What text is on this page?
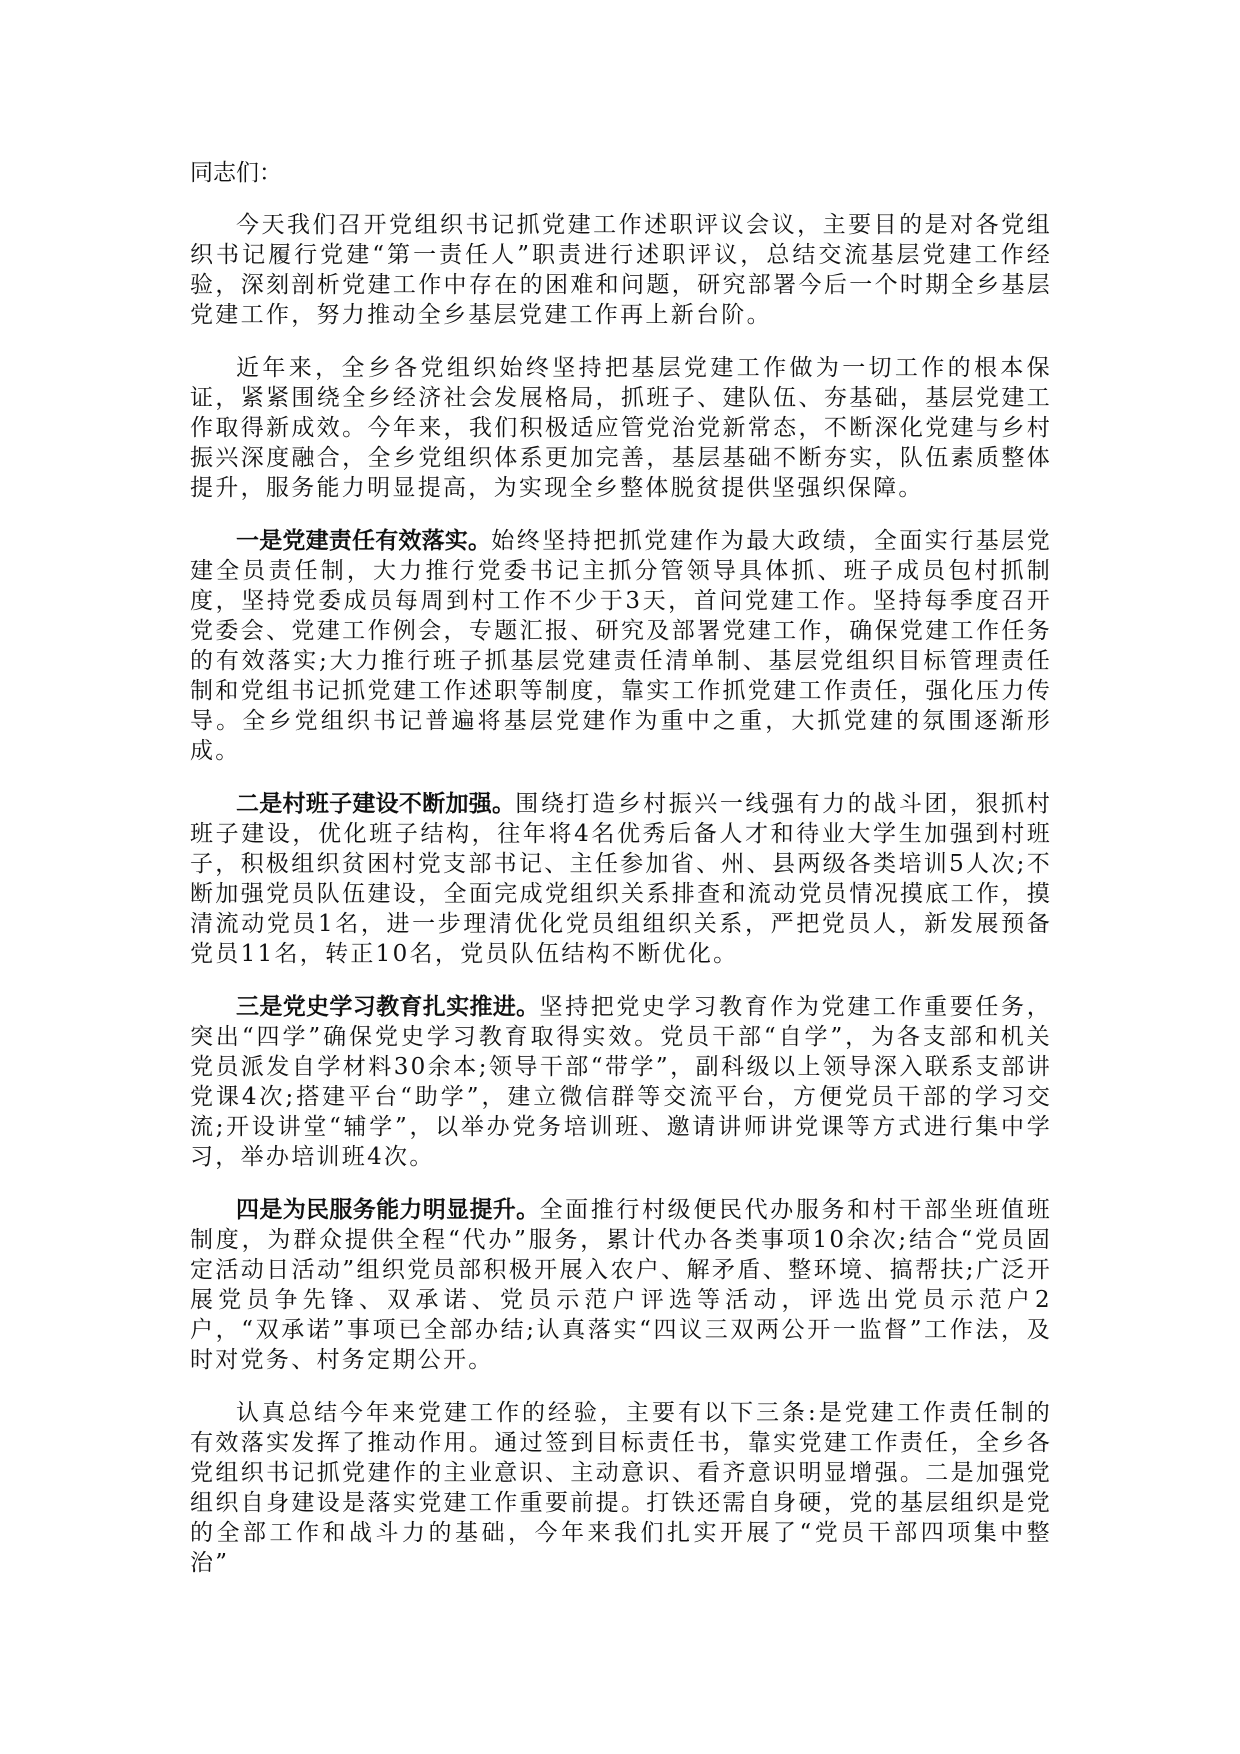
同志们：

今天我们召开党组织书记抓党建工作述职评议会议，主要目的是对各党组织书记履行党建“第一责任人”职责进行述职评议，总结交流基层党建工作经验，深刻剖析党建工作中存在的困难和问题，研究部署今后一个时期全乡基层党建工作，努力推动全乡基层党建工作再上新台阶。

近年来，全乡各党组织始终坚持把基层党建工作做为一切工作的根本保证，紧紧围绕全乡经济社会发展格局，抓班子、建队伍、夯基础，基层党建工作取得新成效。今年来，我们积极适应管党治党新常态，不断深化党建与乡村振兴深度融合，全乡党组织体系更加完善，基层基础不断夯实，队伍素质整体提升，服务能力明显提高，为实现全乡整体脱贫提供坚强织保障。

一是党建责任有效落实。始终坚持把抓党建作为最大政绩，全面实行基层党建全员责任制，大力推行党委书记主抓分管领导具体抓、班子成员包村抓制度，坚持党委成员每周到村工作不少于3天，首问党建工作。坚持每季度召开党委会、党建工作例会，专题汇报、研究及部署党建工作，确保党建工作任务的有效落实;大力推行班子抓基层党建责任清单制、基层党组织目标管理责任制和党组书记抓党建工作述职等制度，靠实工作抓党建工作责任，强化压力传导。全乡党组织书记普遍将基层党建作为重中之重，大抓党建的氛围逐渐形成。

二是村班子建设不断加强。围绕打造乡村振兴一线强有力的战斗团，狠抓村班子建设，优化班子结构，往年将4名优秀后备人才和待业大学生加强到村班子，积极组织贫困村党支部书记、主任参加省、州、县两级各类培训5人次;不断加强党员队伍建设，全面完成党组织关系排查和流动党员情况摸底工作，摸清流动党员1名，进一步理清优化党员组组织关系，严把党员人，新发展预备党员11名，转正10名，党员队伍结构不断优化。

三是党史学习教育扎实推进。坚持把党史学习教育作为党建工作重要任务，突出“四学”确保党史学习教育取得实效。党员干部“自学”，为各支部和机关党员派发自学材料30余本;领导干部“带学”，副科级以上领导深入联系支部讲党课4次;搭建平台“助学”，建立微信群等交流平台，方便党员干部的学习交流;开设讲堂“辅学”，以举办党务培训班、邀请讲师讲党课等方式进行集中学习，举办培训班4次。

四是为民服务能力明显提升。全面推行村级便民代办服务和村干部坐班值班制度，为群众提供全程“代办”服务，累计代办各类事项10余次;结合“党员固定活动日活动”组织党员部积极开展入农户、解矛盾、整环境、搞帮扶;广泛开展党员争先锋、双承诺、党员示范户评选等活动，评选出党员示范户2户，“双承诺”事项已全部办结;认真落实“四议三双两公开一监督”工作法，及时对党务、村务定期公开。

认真总结今年来党建工作的经验，主要有以下三条:是党建工作责任制的有效落实发挥了推动作用。通过签到目标责任书，靠实党建工作责任，全乡各党组织书记抓党建作的主业意识、主动意识、看齐意识明显增强。二是加强党组织自身建设是落实党建工作重要前提。打铁还需自身硬，党的基层组织是党的全部工作和战斗力的基础，今年来我们扎实开展了“党员干部四项集中整治”
